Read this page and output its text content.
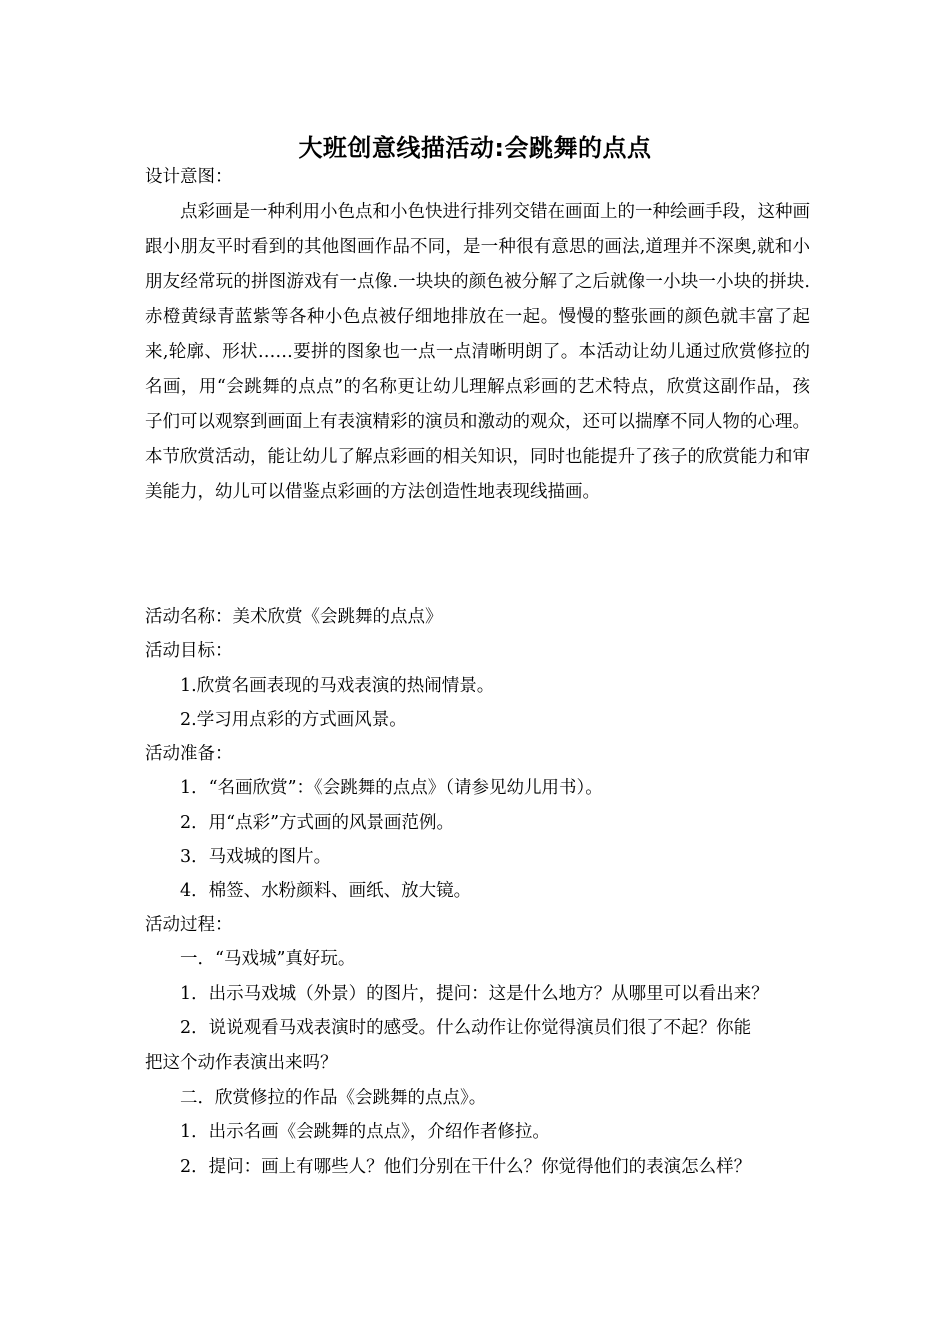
大班创意线描活动:会跳舞的点点
设计意图：

点彩画是一种利用小色点和小色快进行排列交错在画面上的一种绘画手段，这种画跟小朋友平时看到的其他图画作品不同，是一种很有意思的画法,道理并不深奥,就和小朋友经常玩的拼图游戏有一点像.一块块的颜色被分解了之后就像一小块一小块的拼块.赤橙黄绿青蓝紫等各种小色点被仔细地排放在一起。慢慢的整张画的颜色就丰富了起来,轮廓、形状……要拼的图象也一点一点清晰明朗了。本活动让幼儿通过欣赏修拉的名画，用“会跳舞的点点”的名称更让幼儿理解点彩画的艺术特点，欣赏这副作品，孩子们可以观察到画面上有表演精彩的演员和激动的观众，还可以揣摩不同人物的心理。本节欣赏活动，能让幼儿了解点彩画的相关知识，同时也能提升了孩子的欣赏能力和审美能力，幼儿可以借鉴点彩画的方法创造性地表现线描画。

活动名称：美术欣赏《会跳舞的点点》
活动目标：
1.欣赏名画表现的马戏表演的热闹情景。
2.学习用点彩的方式画风景。
活动准备：
1．“名画欣赏”：《会跳舞的点点》（请参见幼儿用书）。
2．用“点彩”方式画的风景画范例。
3．马戏城的图片。
4．棉签、水粉颜料、画纸、放大镜。
活动过程：
一．“马戏城”真好玩。
1．出示马戏城（外景）的图片，提问：这是什么地方？从哪里可以看出来？
2．说说观看马戏表演时的感受。什么动作让你觉得演员们很了不起？你能
把这个动作表演出来吗？
二．欣赏修拉的作品《会跳舞的点点》。
1．出示名画《会跳舞的点点》，介绍作者修拉。
2．提问：画上有哪些人？他们分别在干什么？你觉得他们的表演怎么样？
